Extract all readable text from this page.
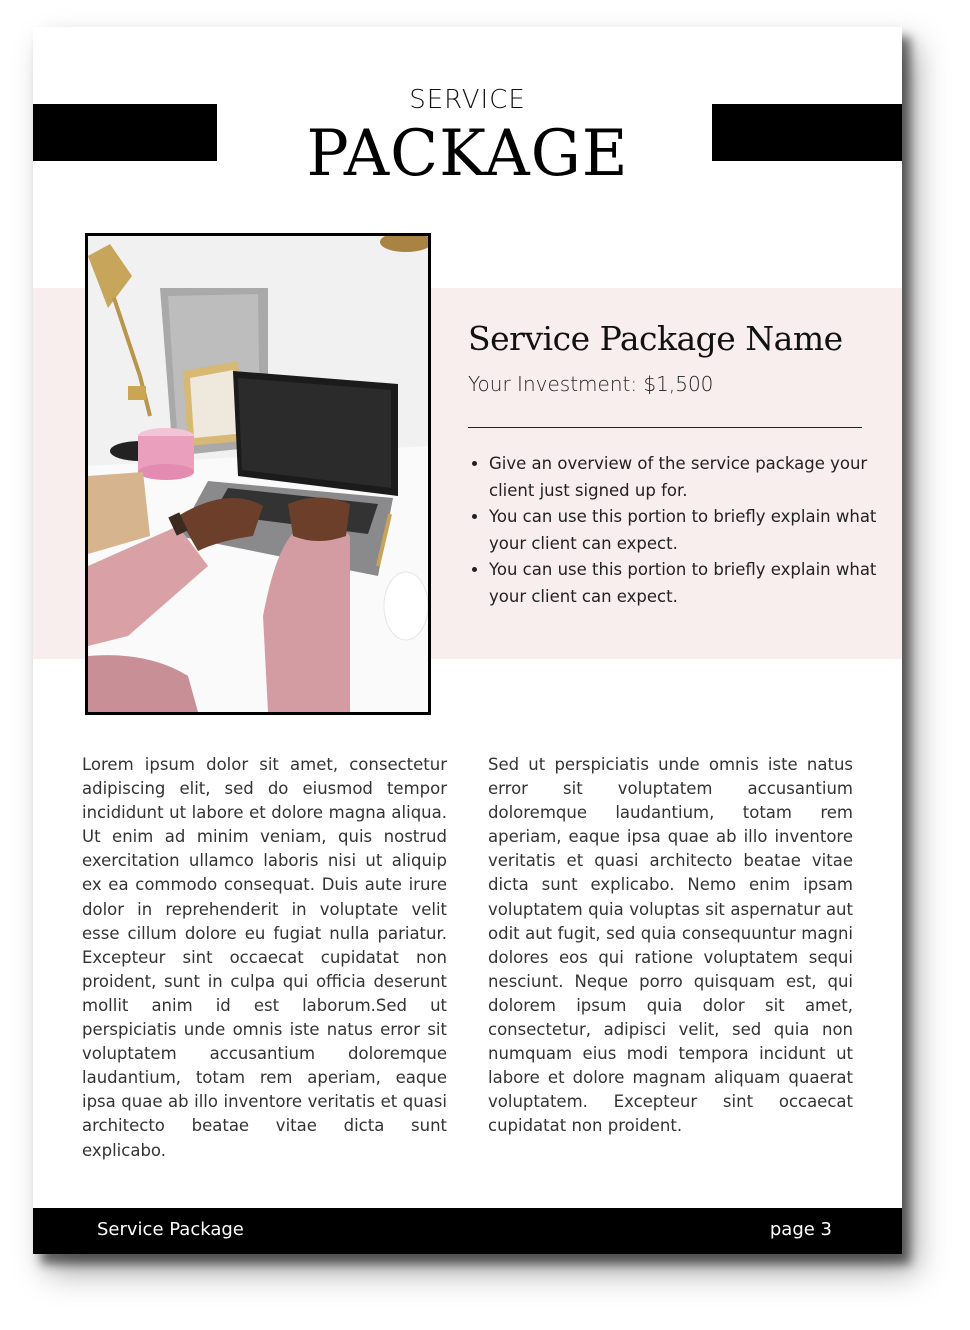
SERVICE
PACKAGE
Service Package Name
Your Investment: $1,500
• Give an overview of the service package your client just signed up for.
• You can use this portion to briefly explain what your client can expect.
• You can use this portion to briefly explain what your client can expect.

Lorem ipsum dolor sit amet, consectetur adipiscing elit, sed do eiusmod tempor incididunt ut labore et dolore magna aliqua. Ut enim ad minim veniam, quis nostrud exercitation ullamco laboris nisi ut aliquip ex ea commodo consequat. Duis aute irure dolor in reprehenderit in voluptate velit esse cillum dolore eu fugiat nulla pariatur. Excepteur sint occaecat cupidatat non proident, sunt in culpa qui officia deserunt mollit anim id est laborum.Sed ut perspiciatis unde omnis iste natus error sit voluptatem accusantium doloremque laudantium, totam rem aperiam, eaque ipsa quae ab illo inventore veritatis et quasi architecto beatae vitae dicta sunt explicabo.

Sed ut perspiciatis unde omnis iste natus error sit voluptatem accusantium doloremque laudantium, totam rem aperiam, eaque ipsa quae ab illo inventore veritatis et quasi architecto beatae vitae dicta sunt explicabo. Nemo enim ipsam voluptatem quia voluptas sit aspernatur aut odit aut fugit, sed quia consequuntur magni dolores eos qui ratione voluptatem sequi nesciunt. Neque porro quisquam est, qui dolorem ipsum quia dolor sit amet, consectetur, adipisci velit, sed quia non numquam eius modi tempora incidunt ut labore et dolore magnam aliquam quaerat voluptatem. Excepteur sint occaecat cupidatat non proident.

Service Package	page 3
